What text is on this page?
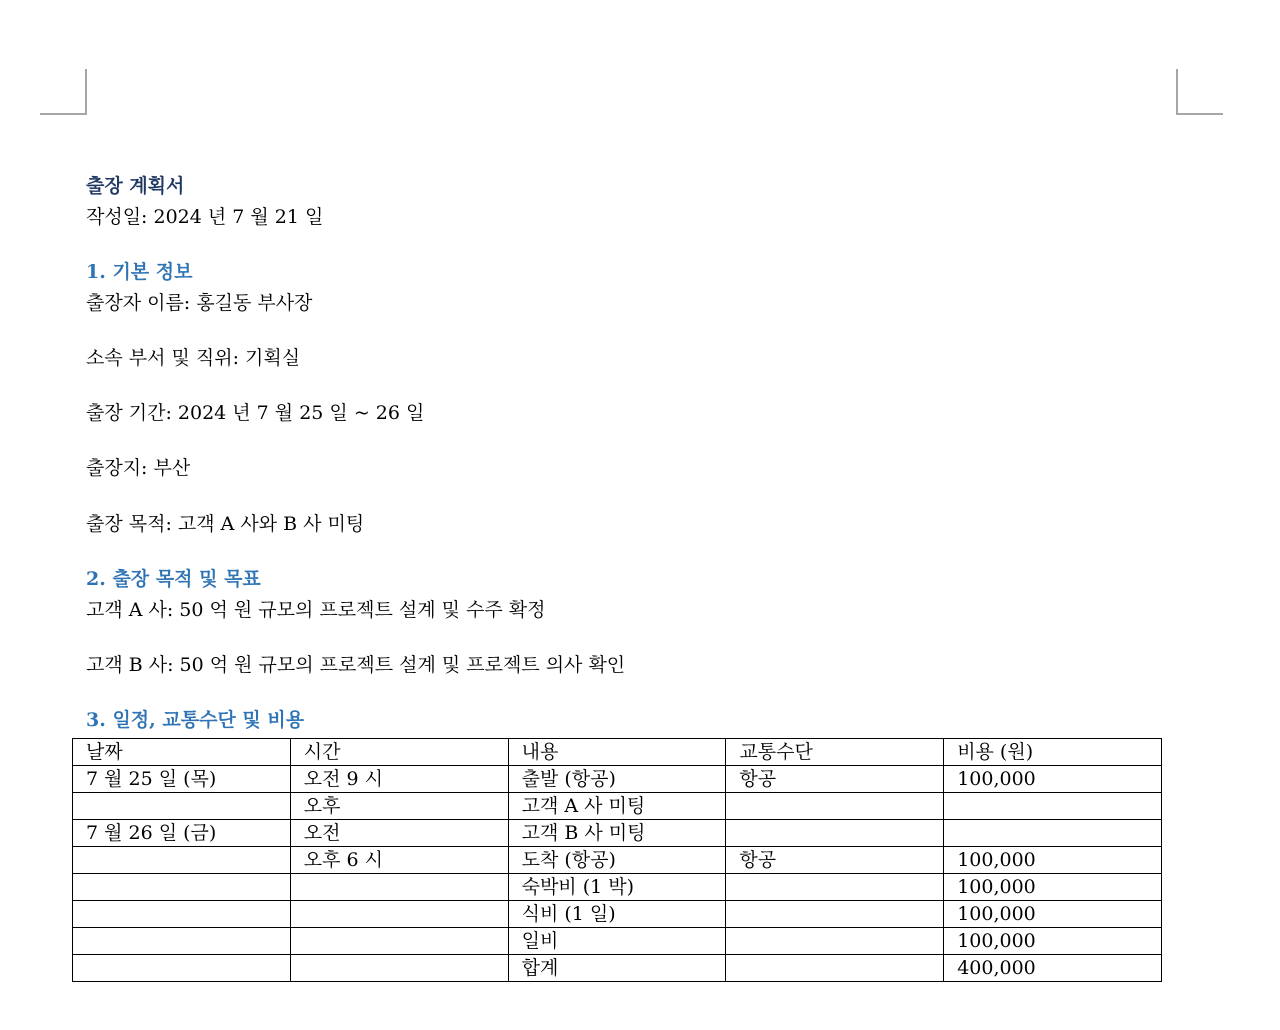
출장 계획서
작성일: 2024 년 7 월 21 일
1. 기본 정보
출장자 이름: 홍길동 부사장
소속 부서 및 직위: 기획실
출장 기간: 2024 년 7 월 25 일 ~ 26 일
출장지: 부산
출장 목적: 고객 A 사와 B 사 미팅
2. 출장 목적 및 목표
고객 A 사: 50 억 원 규모의 프로젝트 설계 및 수주 확정
고객 B 사: 50 억 원 규모의 프로젝트 설계 및 프로젝트 의사 확인
3. 일정, 교통수단 및 비용
날짜	시간	내용	교통수단	비용 (원)
7 월 25 일 (목)	오전 9 시	출발 (항공)	항공	100,000
	오후	고객 A 사 미팅		
7 월 26 일 (금)	오전	고객 B 사 미팅		
	오후 6 시	도착 (항공)	항공	100,000
		숙박비 (1 박)		100,000
		식비 (1 일)		100,000
		일비		100,000
		합계		400,000
